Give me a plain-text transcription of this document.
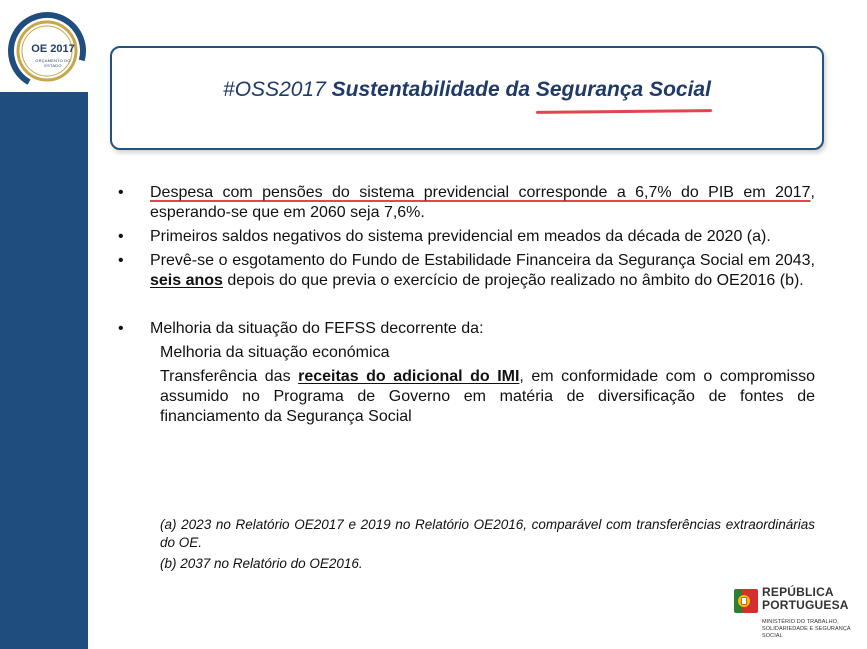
OE 2017
ORÇAMENTO DO ESTADO
#OSS2017 Sustentabilidade da Segurança Social
• Despesa com pensões do sistema previdencial corresponde a 6,7% do PIB em 2017, esperando-se que em 2060 seja 7,6%.
• Primeiros saldos negativos do sistema previdencial em meados da década de 2020 (a).
• Prevê-se o esgotamento do Fundo de Estabilidade Financeira da Segurança Social em 2043, seis anos depois do que previa o exercício de projeção realizado no âmbito do OE2016 (b).
• Melhoria da situação do FEFSS decorrente da:
Melhoria da situação económica
Transferência das receitas do adicional do IMI, em conformidade com o compromisso assumido no Programa de Governo em matéria de diversificação de fontes de financiamento da Segurança Social
(a) 2023 no Relatório OE2017 e 2019 no Relatório OE2016, comparável com transferências extraordinárias do OE.
(b) 2037 no Relatório do OE2016.
REPÚBLICA
PORTUGUESA
MINISTÉRIO DO TRABALHO,
SOLIDARIEDADE E SEGURANÇA SOCIAL
